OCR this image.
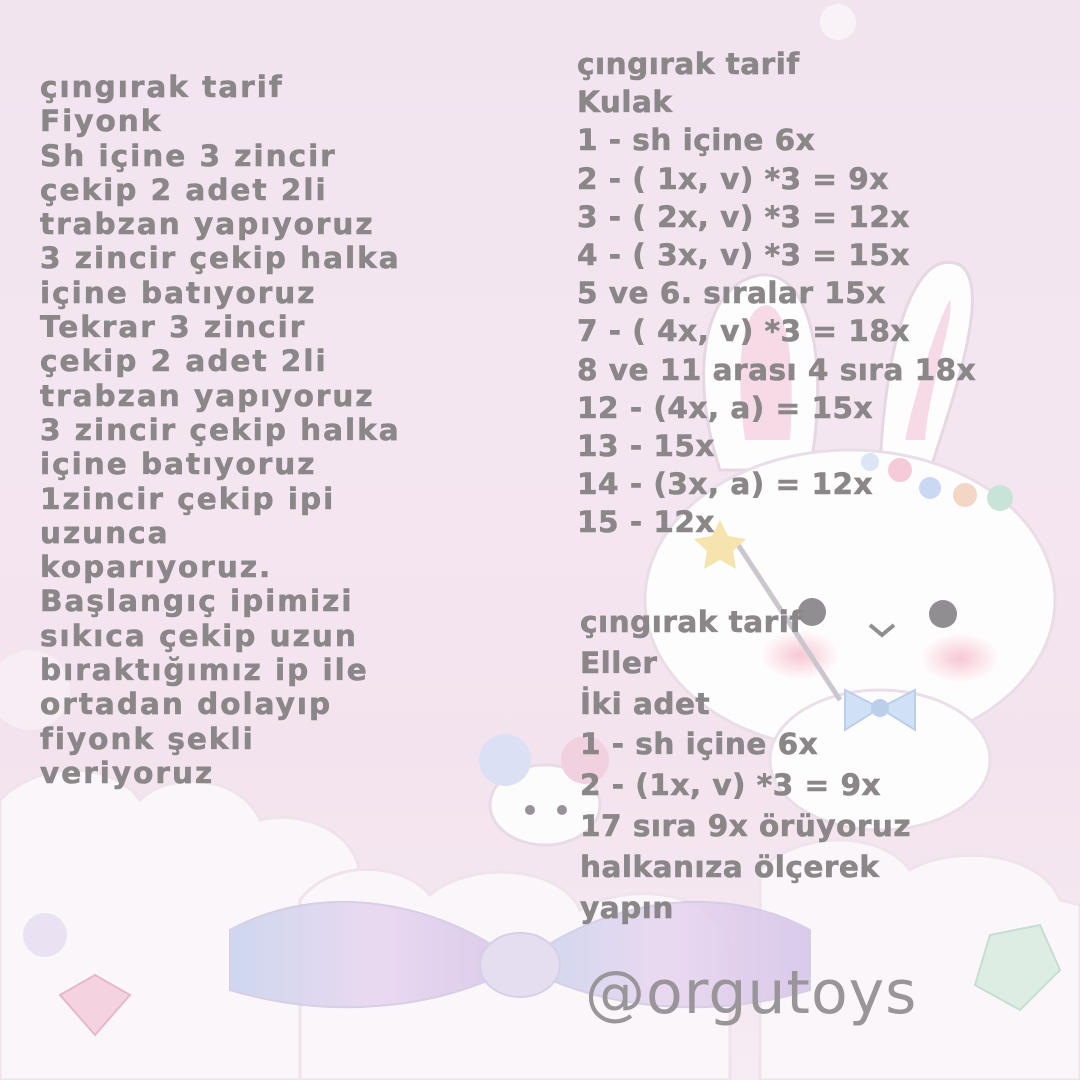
çıngırak tarif
Fiyonk
Sh içine 3 zincir
çekip 2 adet 2li
trabzan yapıyoruz
3 zincir çekip halka
içine batıyoruz
Tekrar 3 zincir
çekip 2 adet 2li
trabzan yapıyoruz
3 zincir çekip halka
içine batıyoruz
1zincir çekip ipi
uzunca
koparıyoruz.
Başlangıç ipimizi
sıkıca çekip uzun
bıraktığımız ip ile
ortadan dolayıp
fiyonk şekli
veriyoruz
çıngırak tarif
Kulak
1 - sh içine 6x
2 - ( 1x, v) *3 = 9x
3 - ( 2x, v) *3 = 12x
4 - ( 3x, v) *3 = 15x
5 ve 6. sıralar 15x
7 - ( 4x, v) *3 = 18x
8 ve 11 arası 4 sıra 18x
12 - (4x, a) = 15x
13 - 15x
14 - (3x, a) = 12x
15 - 12x
çıngırak tarif
Eller
İki adet
1 - sh içine 6x
2 - (1x, v) *3 = 9x
17 sıra 9x örüyoruz
halkanıza ölçerek
yapın
@orgutoys
